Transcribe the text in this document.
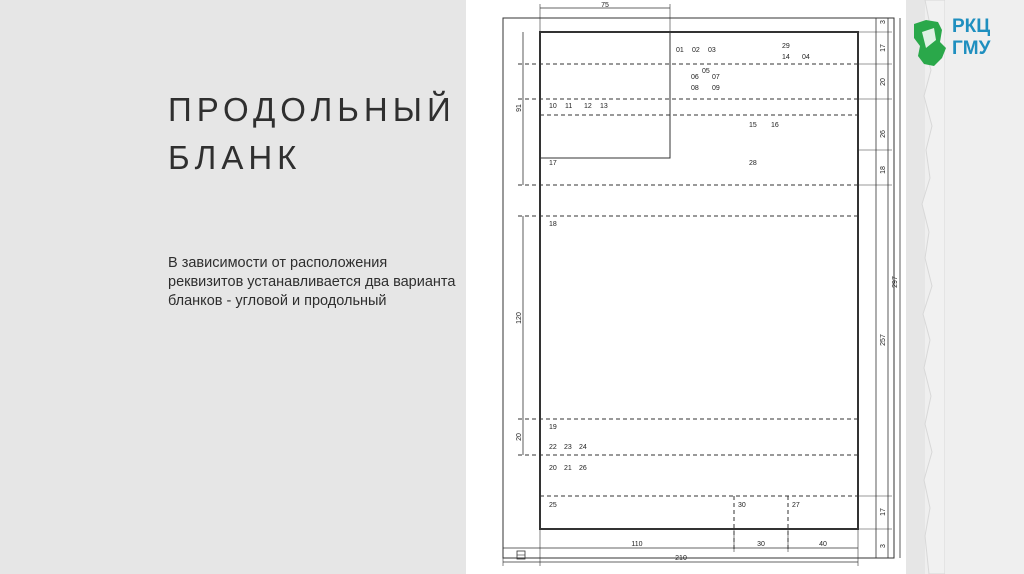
ПРОДОЛЬНЫЙ БЛАНК
В зависимости от расположения реквизитов устанавливается два варианта бланков - угловой и продольный
РКЦ
ГМУ
75
91
120
20
3
17
20
26
18
297
257
17
3
110	30	40
210
01 02 03
29
14 04
05
06 07
08 09
10 11 12 13
15 16
17	28
18
19
22 23 24
20 21 26
25	30	27
